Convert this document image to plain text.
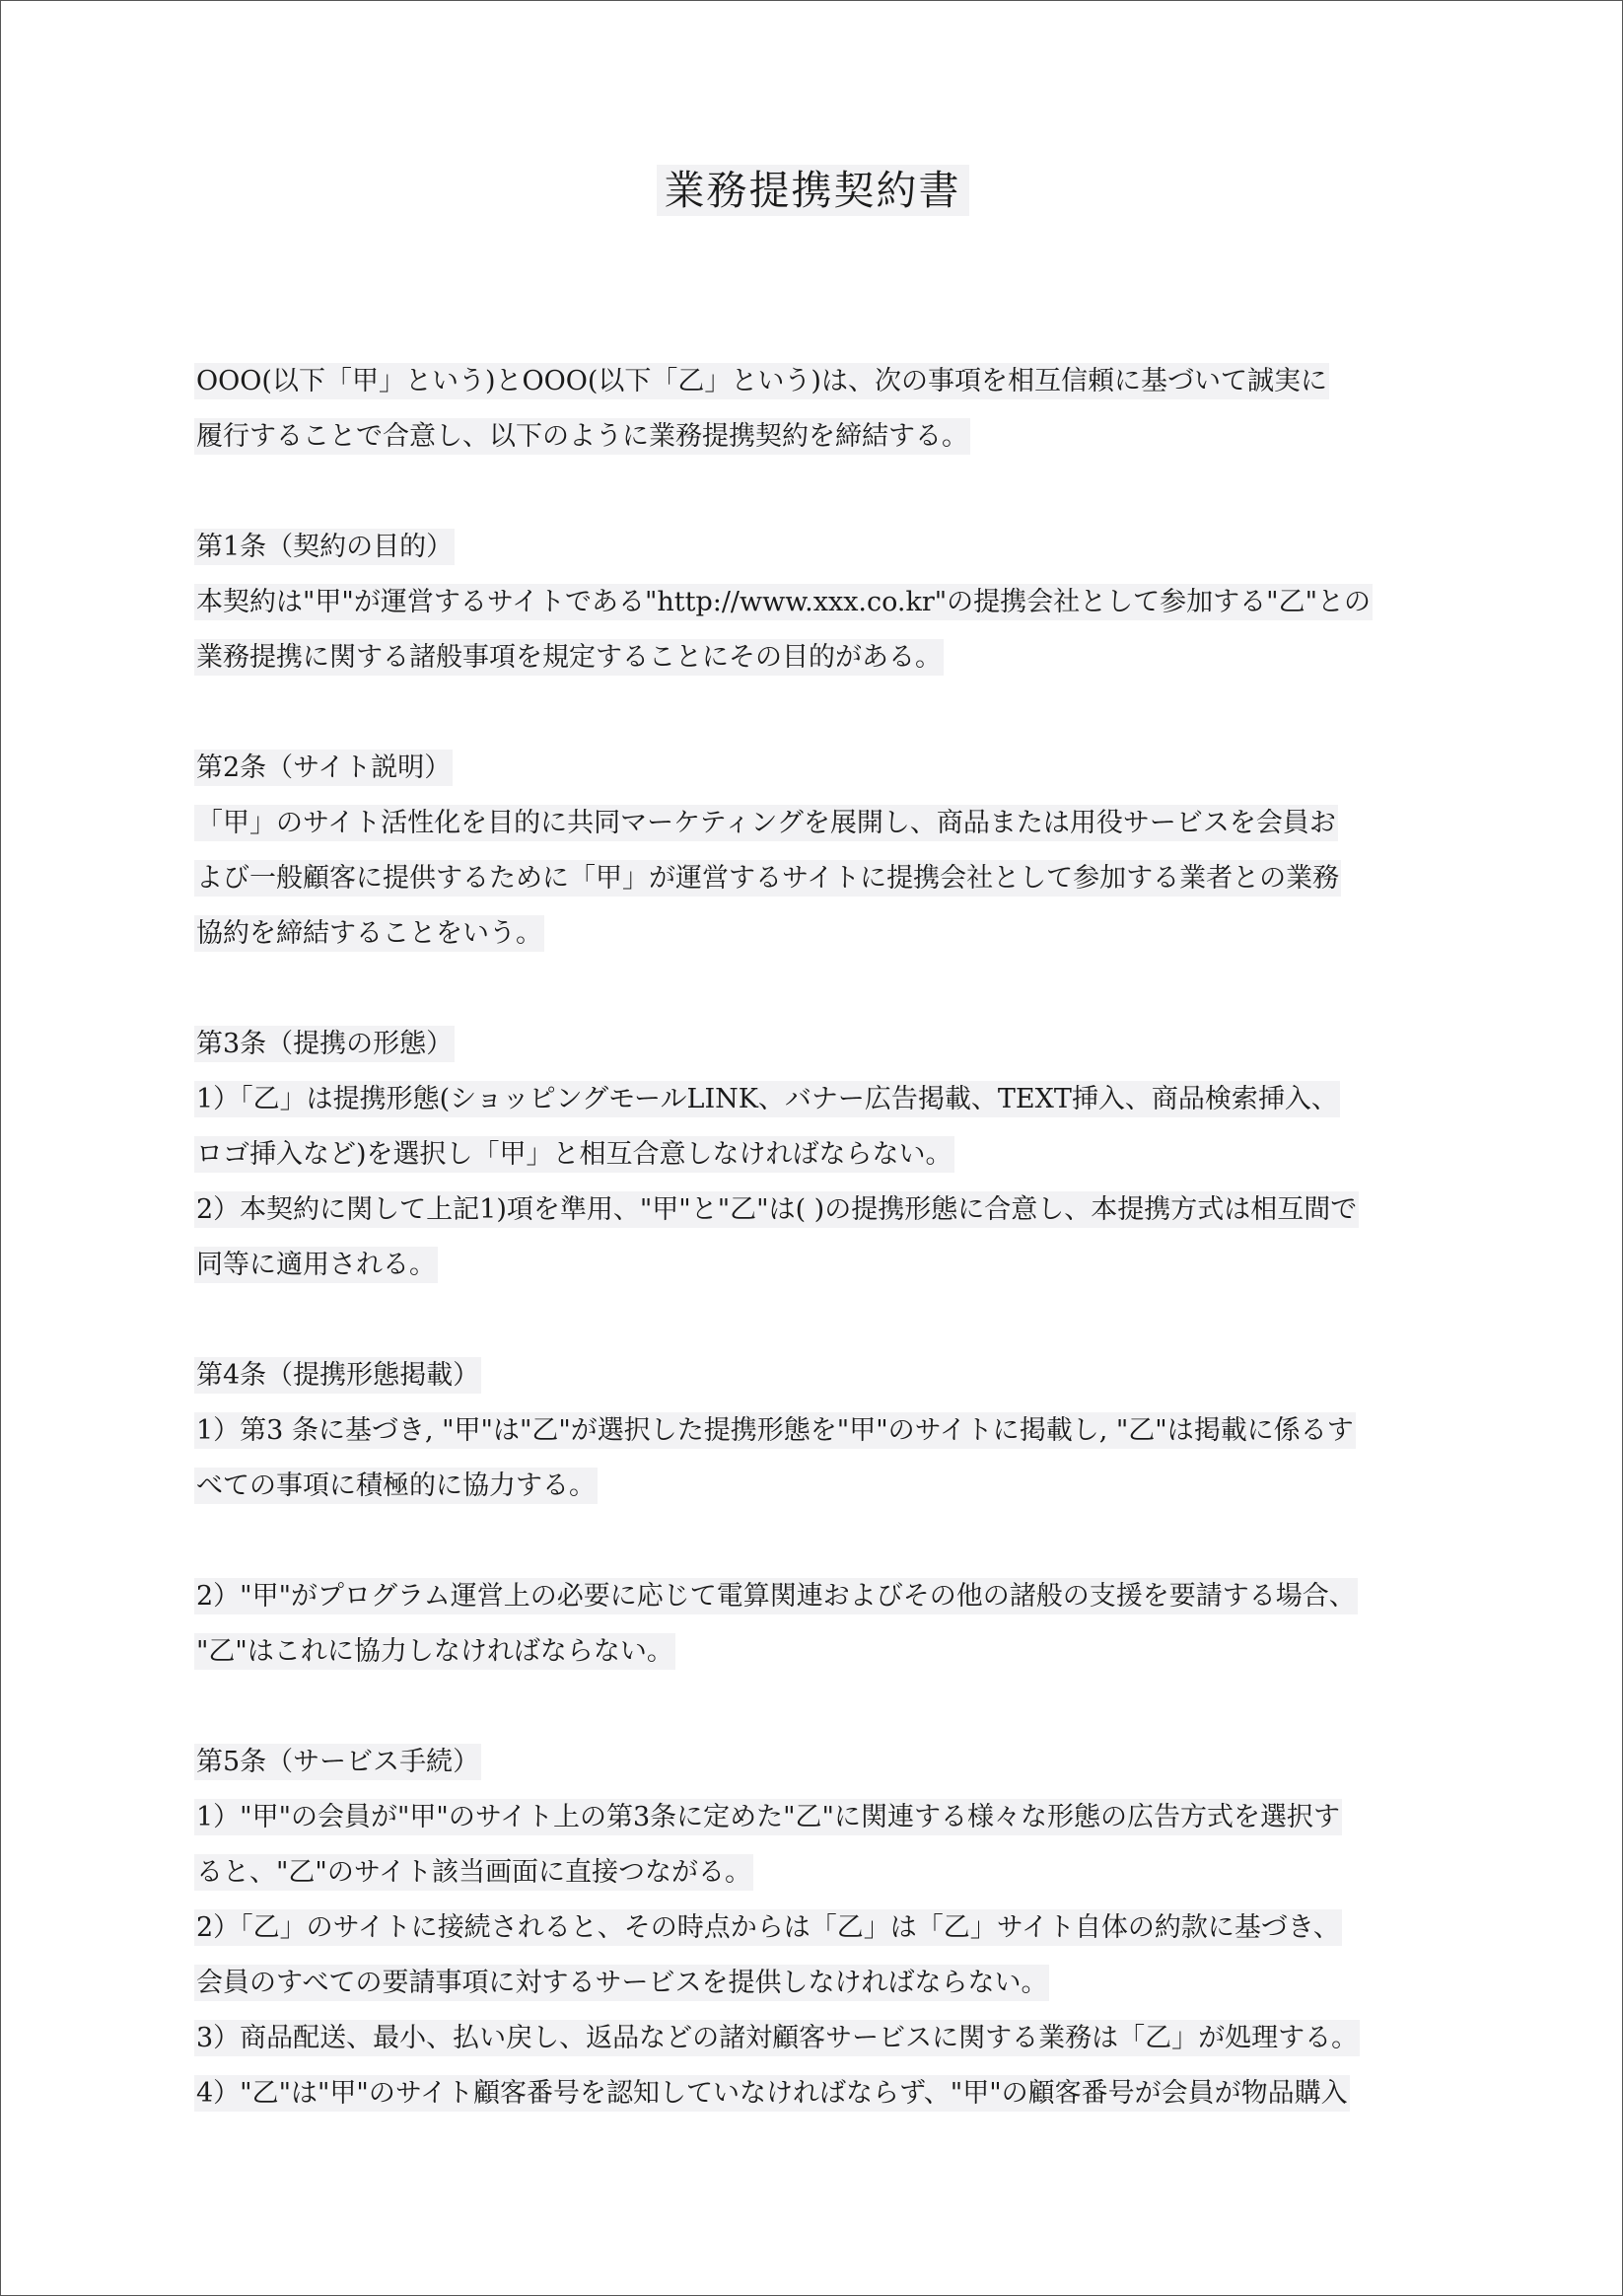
業務提携契約書
OOO(以下「甲」という)とOOO(以下「乙」という)は、次の事項を相互信頼に基づいて誠実に
履行することで合意し、以下のように業務提携契約を締結する。
第1条（契約の目的）
本契約は"甲"が運営するサイトである"http://www.xxx.co.kr"の提携会社として参加する"乙"との
業務提携に関する諸般事項を規定することにその目的がある。
第2条（サイト説明）
「甲」のサイト活性化を目的に共同マーケティングを展開し、商品または用役サービスを会員お
よび一般顧客に提供するために「甲」が運営するサイトに提携会社として参加する業者との業務
協約を締結することをいう。
第3条（提携の形態）
1）「乙」は提携形態(ショッピングモールLINK、バナー広告掲載、TEXT挿入、商品検索挿入、
ロゴ挿入など)を選択し「甲」と相互合意しなければならない。
2）本契約に関して上記1)項を準用、"甲"と"乙"は( )の提携形態に合意し、本提携方式は相互間で
同等に適用される。
第4条（提携形態掲載）
1）第3 条に基づき, "甲"は"乙"が選択した提携形態を"甲"のサイトに掲載し, "乙"は掲載に係るす
べての事項に積極的に協力する。
2）"甲"がプログラム運営上の必要に応じて電算関連およびその他の諸般の支援を要請する場合、
"乙"はこれに協力しなければならない。
第5条（サービス手続）
1）"甲"の会員が"甲"のサイト上の第3条に定めた"乙"に関連する様々な形態の広告方式を選択す
ると、"乙"のサイト該当画面に直接つながる。
2）「乙」のサイトに接続されると、その時点からは「乙」は「乙」サイト自体の約款に基づき、
会員のすべての要請事項に対するサービスを提供しなければならない。
3）商品配送、最小、払い戻し、返品などの諸対顧客サービスに関する業務は「乙」が処理する。
4）"乙"は"甲"のサイト顧客番号を認知していなければならず、"甲"の顧客番号が会員が物品購入
